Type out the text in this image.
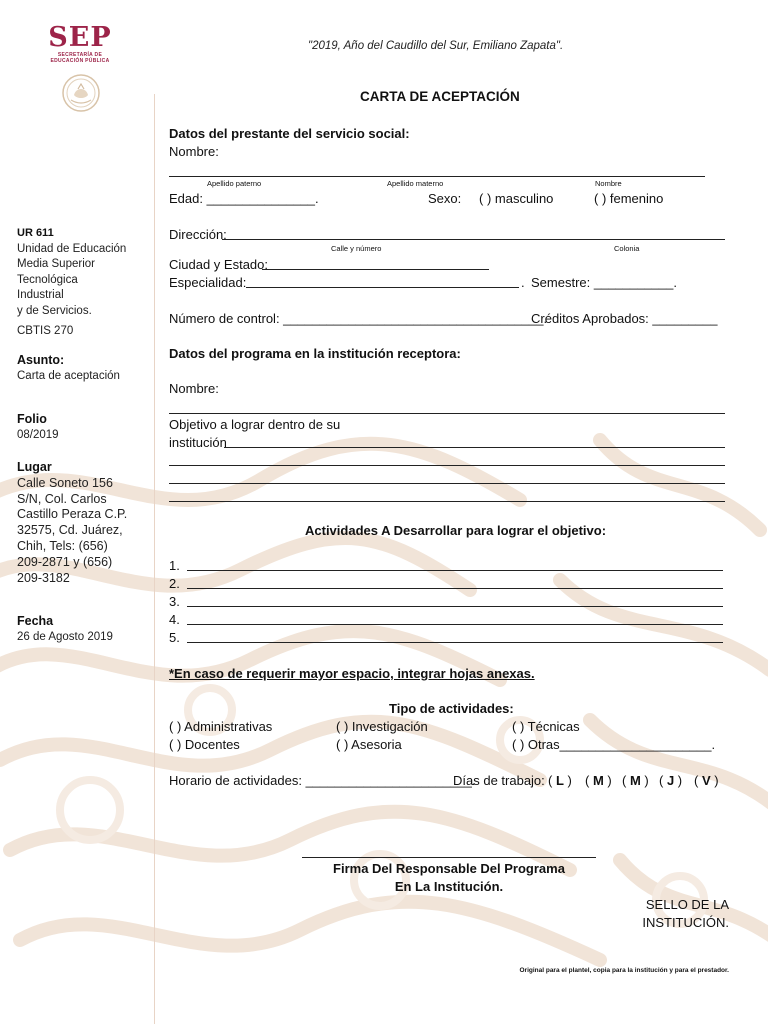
SEP
SECRETARÍA DE
EDUCACIÓN PÚBLICA
"2019, Año del Caudillo del Sur, Emiliano Zapata".
UR 611
Unidad de Educación
Media Superior
Tecnológica
Industrial
y de Servicios.
CBTIS 270
Asunto:
Carta de aceptación
Folio
08/2019
Lugar
Calle Soneto 156
S/N, Col. Carlos
Castillo Peraza C.P.
32575, Cd. Juárez,
Chih, Tels: (656)
209-2871 y (656)
209-3182
Fecha
26 de Agosto 2019
CARTA DE ACEPTACIÓN
Datos del prestante del servicio social:
Nombre:
Apellido paterno	Apellido materno	Nombre
Edad: _______________.	Sexo: ( ) masculino	( ) femenino
Dirección:
Calle y número	Colonia
Ciudad y Estado:
Especialidad:	. Semestre: ___________.
Número de control: ____________________________________.
Créditos Aprobados: _________
Datos del programa en la institución receptora:
Nombre:
Objetivo a lograr dentro de su
institución
Actividades A Desarrollar para lograr el objetivo:
1.
2.
3.
4.
5.
*En caso de requerir mayor espacio, integrar hojas anexas.
Tipo de actividades:
( ) Administrativas	( ) Investigación	( ) Técnicas
( ) Docentes	( ) Asesoria	( ) Otras_____________________.
Horario de actividades: _______________________.
Días de trabajo: ( L ) ( M ) ( M ) ( J ) ( V )
Firma Del Responsable Del Programa
En La Institución.
SELLO DE LA
INSTITUCIÓN.
Original para el plantel, copia para la institución y para el prestador.
